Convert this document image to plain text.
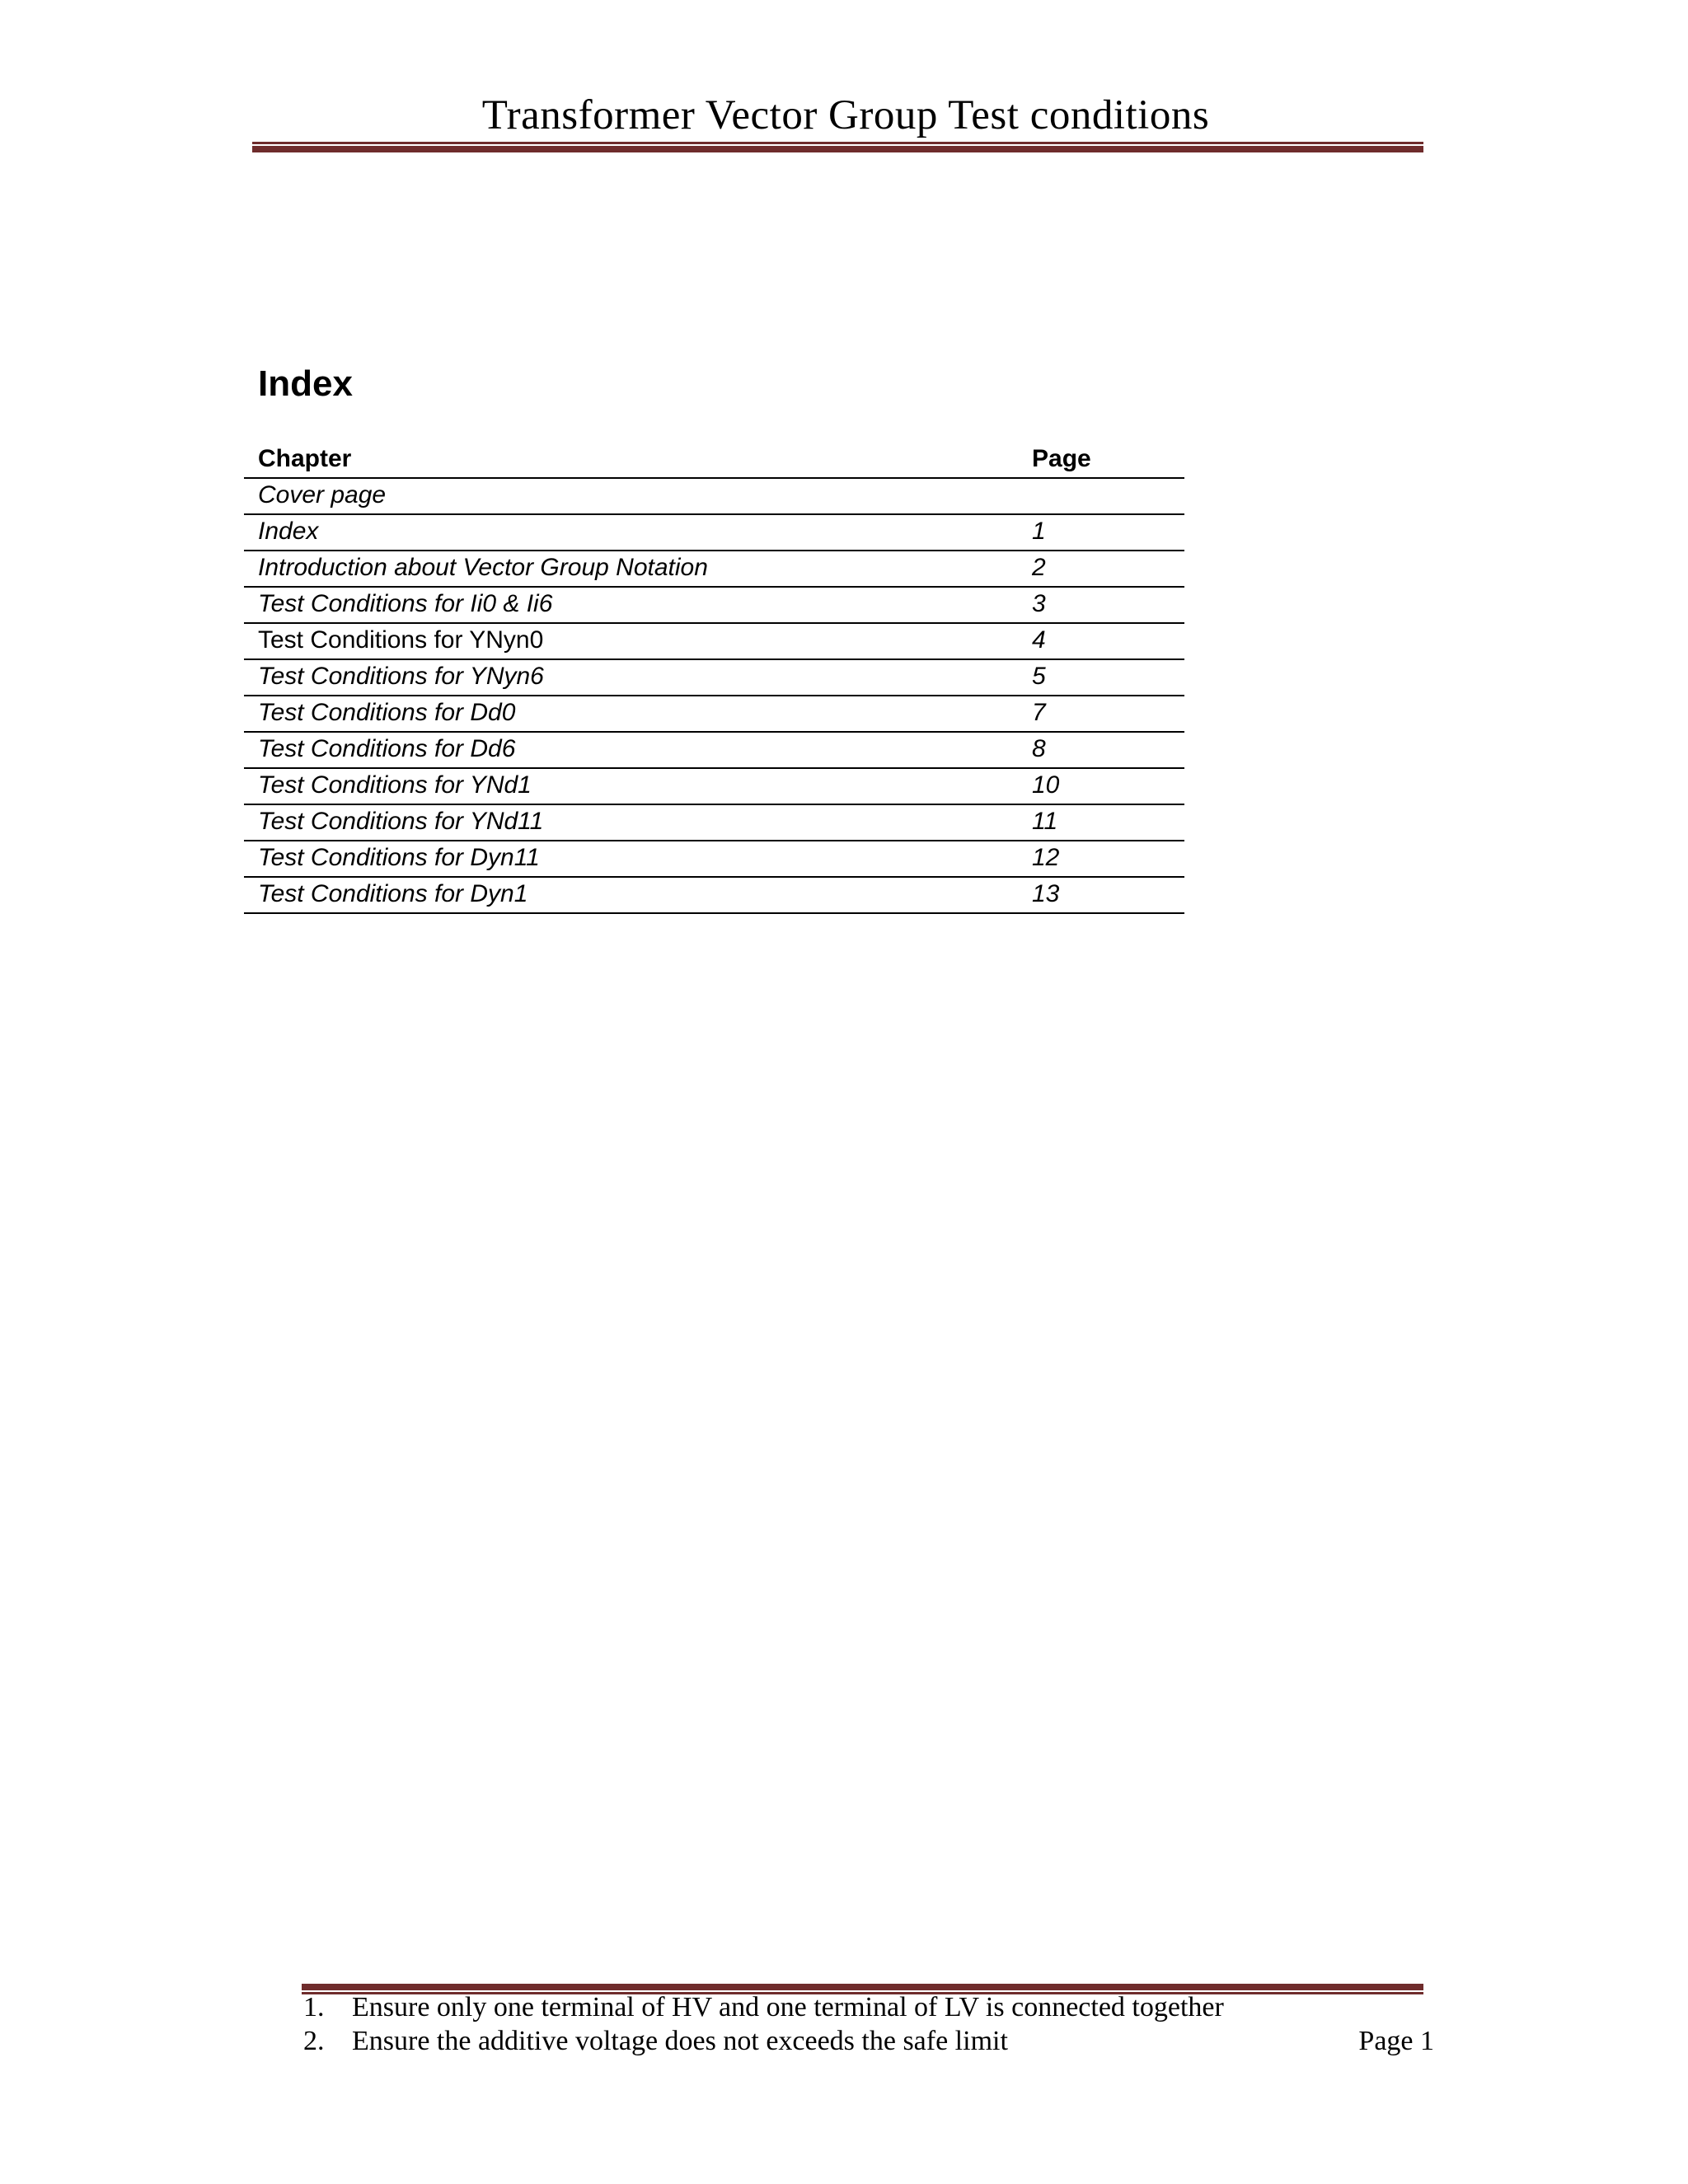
Transformer Vector Group Test conditions
Index
Chapter	Page
Cover page
Index	1
Introduction about Vector Group Notation	2
Test Conditions for Ii0 & Ii6	3
Test Conditions for YNyn0	4
Test Conditions for YNyn6	5
Test Conditions for Dd0	7
Test Conditions for Dd6	8
Test Conditions for YNd1	10
Test Conditions for YNd11	11
Test Conditions for Dyn11	12
Test Conditions for Dyn1	13
1. Ensure only one terminal of HV and one terminal of LV is connected together
2. Ensure the additive voltage does not exceeds the safe limit	Page 1
